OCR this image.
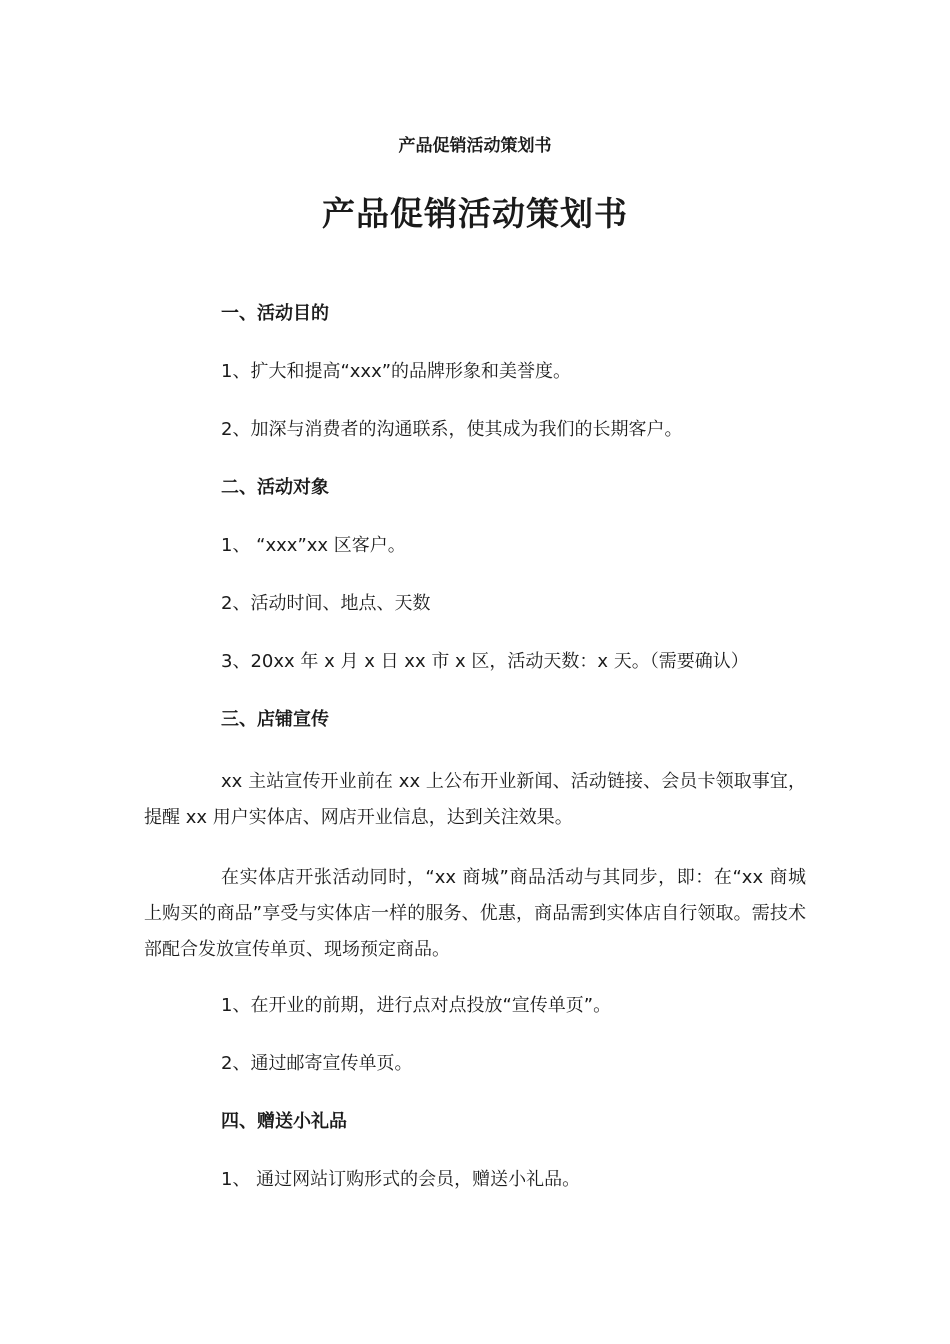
产品促销活动策划书
产品促销活动策划书

一、活动目的

1、扩大和提高“xxx”的品牌形象和美誉度。

2、加深与消费者的沟通联系，使其成为我们的长期客户。

二、活动对象

1、 “xxx”xx 区客户。

2、活动时间、地点、天数

3、20xx 年 x 月 x 日 xx 市 x 区，活动天数：x 天。（需要确认）

三、店铺宣传

xx 主站宣传开业前在 xx 上公布开业新闻、活动链接、会员卡领取事宜，提醒 xx 用户实体店、网店开业信息，达到关注效果。

在实体店开张活动同时，“xx 商城”商品活动与其同步，即：在“xx 商城上购买的商品”享受与实体店一样的服务、优惠，商品需到实体店自行领取。需技术部配合发放宣传单页、现场预定商品。

1、在开业的前期，进行点对点投放“宣传单页”。

2、通过邮寄宣传单页。

四、赠送小礼品

1、 通过网站订购形式的会员，赠送小礼品。
